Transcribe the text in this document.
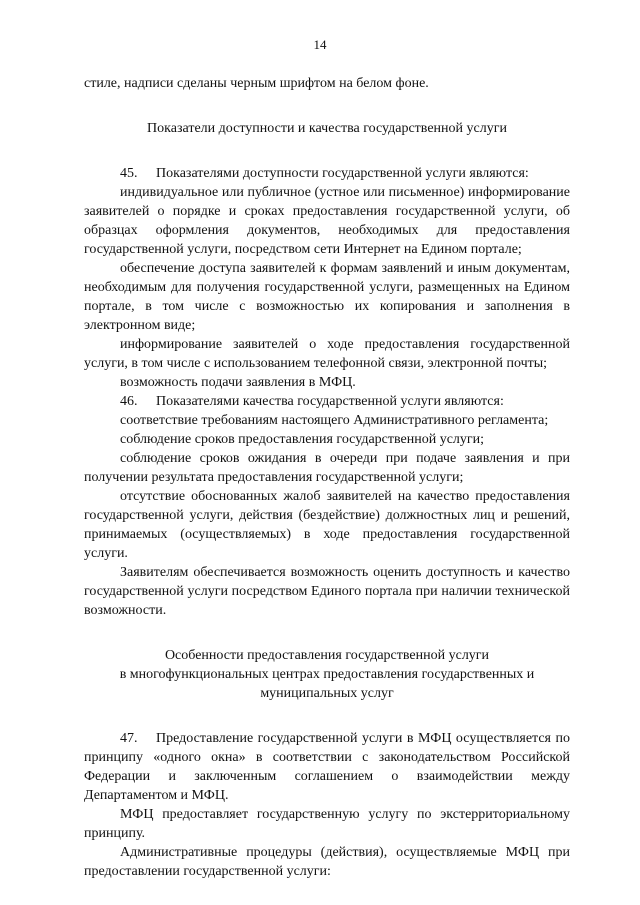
14

стиле, надписи сделаны черным шрифтом на белом фоне.

Показатели доступности и качества государственной услуги

45. Показателями доступности государственной услуги являются:

индивидуальное или публичное (устное или письменное) информирование заявителей о порядке и сроках предоставления государственной услуги, об образцах оформления документов, необходимых для предоставления государственной услуги, посредством сети Интернет на Едином портале;

обеспечение доступа заявителей к формам заявлений и иным документам, необходимым для получения государственной услуги, размещенных на Едином портале, в том числе с возможностью их копирования и заполнения в электронном виде;

информирование заявителей о ходе предоставления государственной услуги, в том числе с использованием телефонной связи, электронной почты;

возможность подачи заявления в МФЦ.

46. Показателями качества государственной услуги являются:

соответствие требованиям настоящего Административного регламента;

соблюдение сроков предоставления государственной услуги;

соблюдение сроков ожидания в очереди при подаче заявления и при получении результата предоставления государственной услуги;

отсутствие обоснованных жалоб заявителей на качество предоставления государственной услуги, действия (бездействие) должностных лиц и решений, принимаемых (осуществляемых) в ходе предоставления государственной услуги.

Заявителям обеспечивается возможность оценить доступность и качество государственной услуги посредством Единого портала при наличии технической возможности.

Особенности предоставления государственной услуги
в многофункциональных центрах предоставления государственных и
муниципальных услуг

47. Предоставление государственной услуги в МФЦ осуществляется по принципу «одного окна» в соответствии с законодательством Российской Федерации и заключенным соглашением о взаимодействии между Департаментом и МФЦ.

МФЦ предоставляет государственную услугу по экстерриториальному принципу.

Административные процедуры (действия), осуществляемые МФЦ при предоставлении государственной услуги:
